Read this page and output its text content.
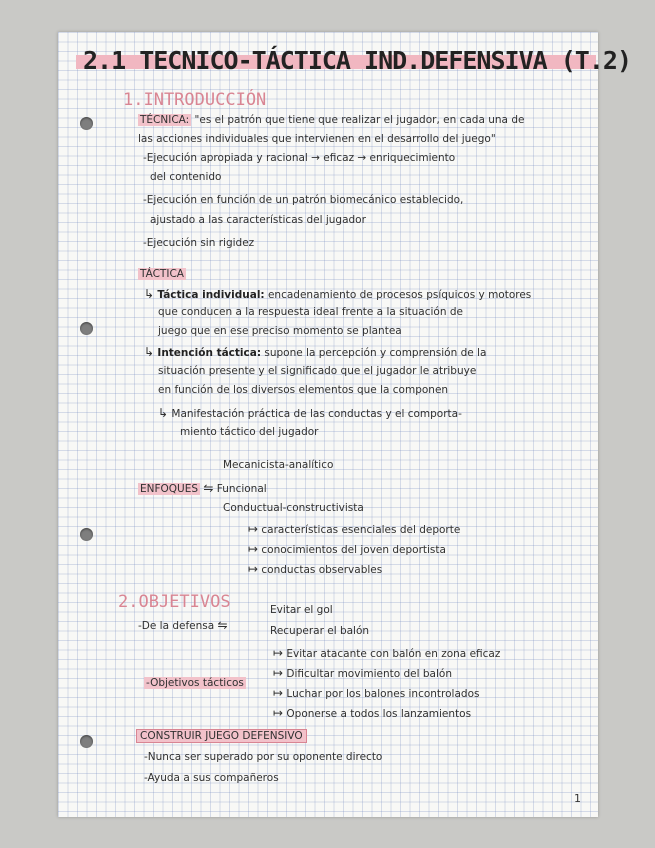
2.1 TECNICO-TÁCTICA IND.DEFENSIVA (T.2)
1.INTRODUCCIÓN
TÉCNICA: "es el patrón que tiene que realizar el jugador, en cada una de
las acciones individuales que intervienen en el desarrollo del juego"
-Ejecución apropiada y racional → eficaz → enriquecimiento
del contenido
-Ejecución en función de un patrón biomecánico establecido,
ajustado a las características del jugador
-Ejecución sin rigidez
TÁCTICA
↳ Táctica individual: encadenamiento de procesos psíquicos y motores
que conducen a la respuesta ideal frente a la situación de
juego que en ese preciso momento se plantea
↳ Intención táctica: supone la percepción y comprensión de la
situación presente y el significado que el jugador le atribuye
en función de los diversos elementos que la componen
↳ Manifestación práctica de las conductas y el comporta-
miento táctico del jugador
Mecanicista-analítico
ENFOQUES ⇋ Funcional
Conductual-constructivista
↦ características esenciales del deporte
↦ conocimientos del joven deportista
↦ conductas observables
2.OBJETIVOS	Evitar el gol
-De la defensa ⇋	Recuperar el balón
↦ Evitar atacante con balón en zona eficaz
↦ Dificultar movimiento del balón
-Objetivos tácticos
↦ Luchar por los balones incontrolados
↦ Oponerse a todos los lanzamientos
CONSTRUIR JUEGO DEFENSIVO
-Nunca ser superado por su oponente directo
-Ayuda a sus compañeros
1
